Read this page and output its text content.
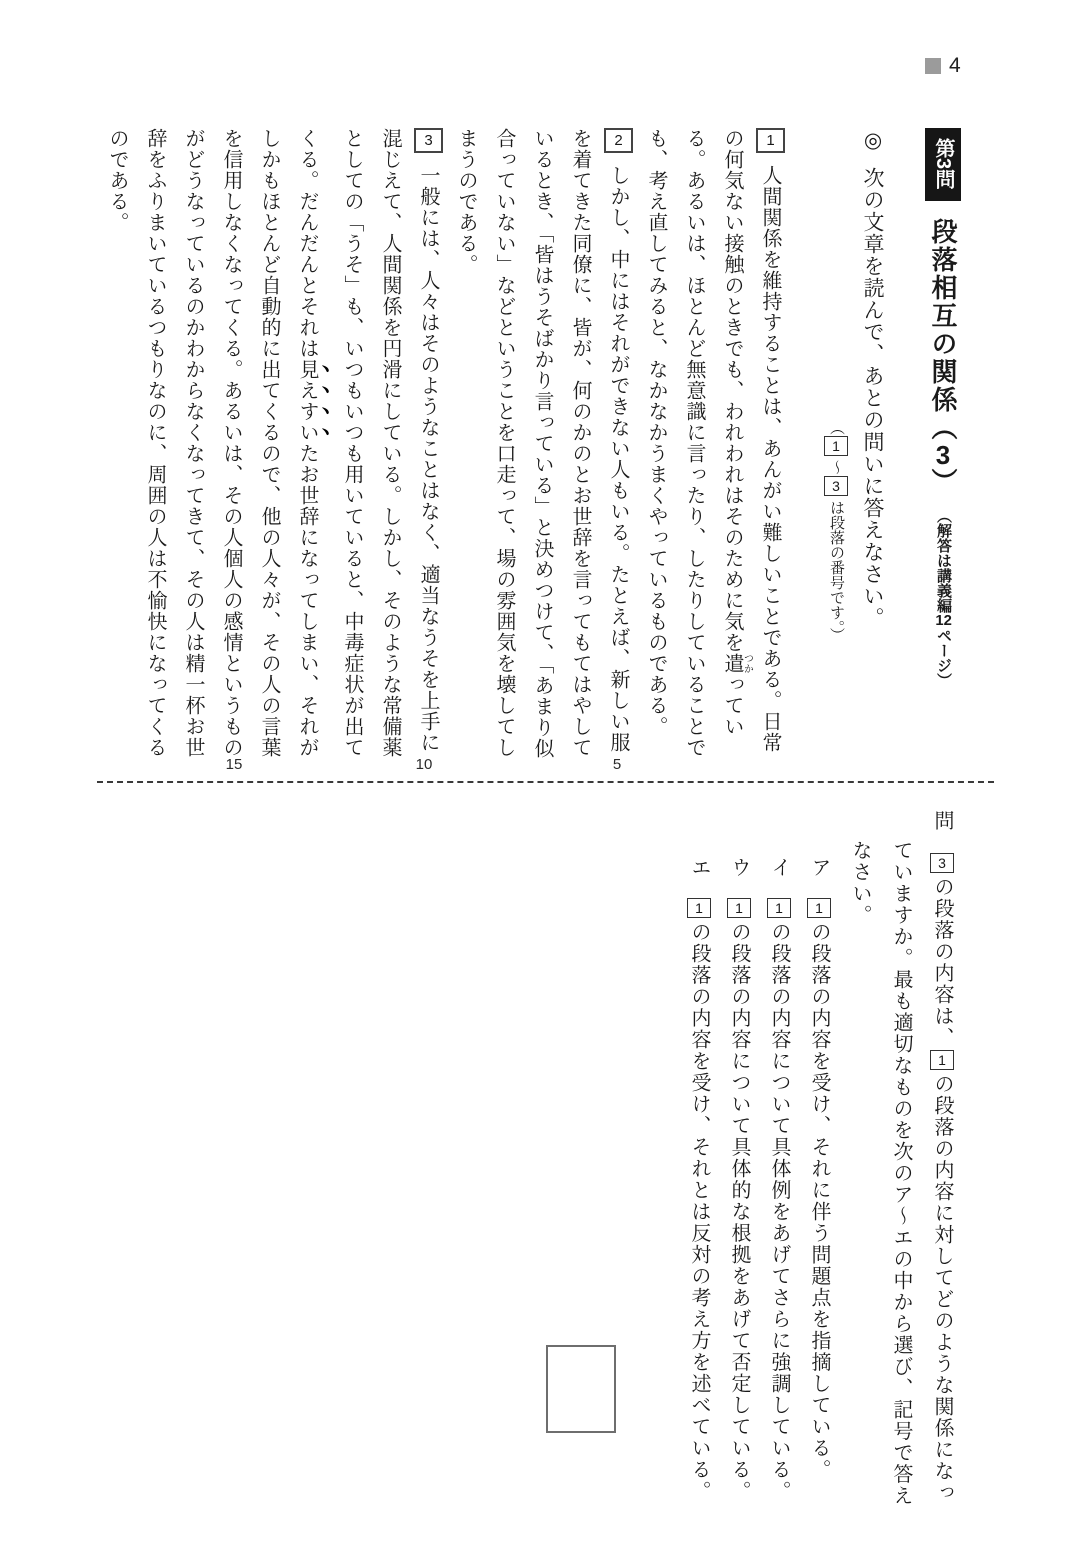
4
第3問 段落相互の関係（3） （解答は講義編12ページ）
◎次の文章を読んで、あとの問いに答えなさい。
（1～3は段落の番号です。）

1人間関係を維持することは、あんがい難しいことである。日常の何気ない接触のときでも、われわれはそのために気を遣つかっている。あるいは、ほとんど無意識に言ったり、したりしていることでも、考え直してみると、なかなかうまくやっているものである。

2しかし、中にはそれができない人もいる。たとえば、新しい服を着てきた同僚に、皆が、何のかのとお世辞を言ってもてはやしているとき、「皆はうそばかり言っている」と決めつけて、「あまり似合っていない」などということを口走って、場の雰囲気を壊してしまうのである。

3一般には、人々はそのようなことはなく、適当なうそを上手に混じえて、人間関係を円滑にしている。しかし、そのような常備薬としての「うそ」も、いつもいつも用いていると、中毒症状が出てくる。だんだんとそれは見えすいたお世辞になってしまい、それがしかもほとんど自動的に出てくるので、他の人々が、その人の言葉を信用しなくなってくる。あるいは、その人個人の感情というものがどうなっているのかわからなくなってきて、その人は精一杯お世辞をふりまいているつもりなのに、周囲の人は不愉快になってくるのである。

5
10
15
問3の段落の内容は、1の段落の内容に対してどのような関係になっていますか。最も適切なものを次のア～エの中から選び、記号で答えなさい。
ア1の段落の内容を受け、それに伴う問題点を指摘している。
イ1の段落の内容について具体例をあげてさらに強調している。
ウ1の段落の内容について具体的な根拠をあげて否定している。
エ1の段落の内容を受け、それとは反対の考え方を述べている。
